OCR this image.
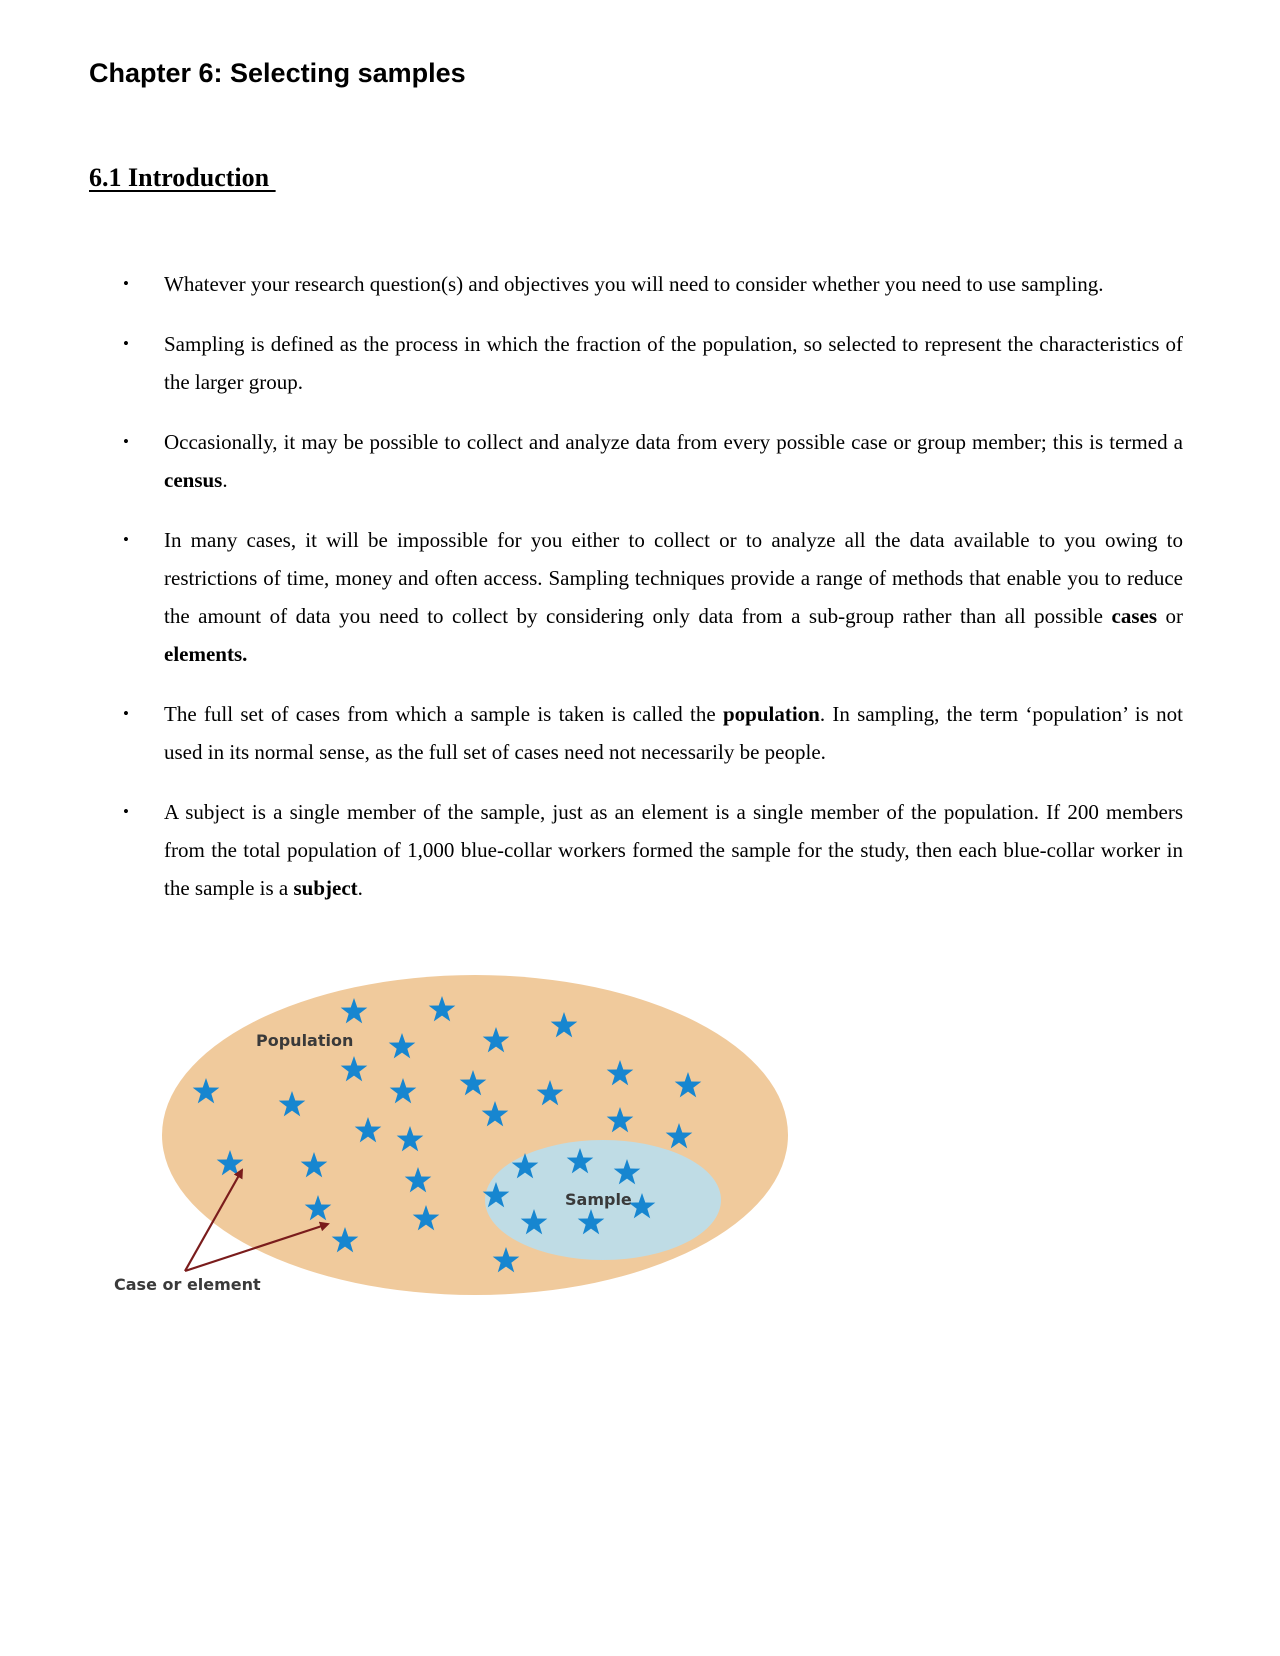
Chapter 6: Selecting samples
6.1 Introduction
• Whatever your research question(s) and objectives you will need to consider whether you need to use sampling.
• Sampling is defined as the process in which the fraction of the population, so selected to represent the characteristics of the larger group.
• Occasionally, it may be possible to collect and analyze data from every possible case or group member; this is termed a census.
• In many cases, it will be impossible for you either to collect or to analyze all the data available to you owing to restrictions of time, money and often access. Sampling techniques provide a range of methods that enable you to reduce the amount of data you need to collect by considering only data from a sub-group rather than all possible cases or elements.
• The full set of cases from which a sample is taken is called the population. In sampling, the term ‘population’ is not used in its normal sense, as the full set of cases need not necessarily be people.
• A subject is a single member of the sample, just as an element is a single member of the population. If 200 members from the total population of 1,000 blue-collar workers formed the sample for the study, then each blue-collar worker in the sample is a subject.
Population
Sample
Case or element
